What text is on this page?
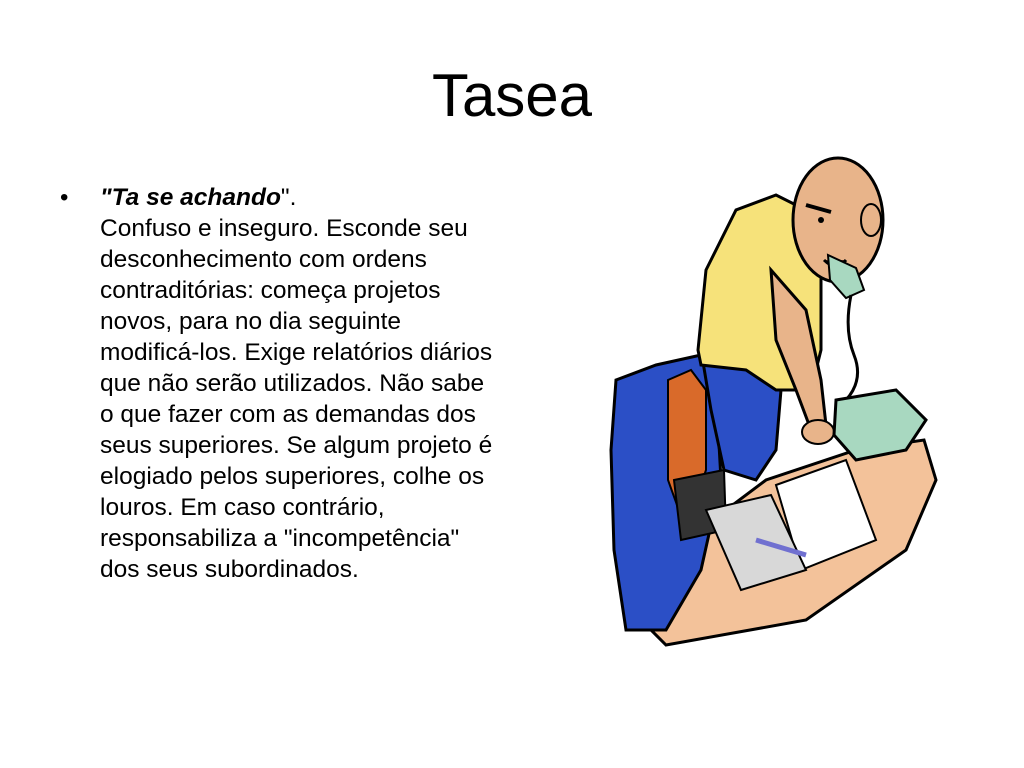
Tasea
• "Ta se achando".
Confuso e inseguro. Esconde seu desconhecimento com ordens contraditórias: começa projetos novos, para no dia seguinte modificá-los. Exige relatórios diários que não serão utilizados. Não sabe o que fazer com as demandas dos seus superiores. Se algum projeto é elogiado pelos superiores, colhe os louros. Em caso contrário, responsabiliza a "incompetência" dos seus subordinados.
